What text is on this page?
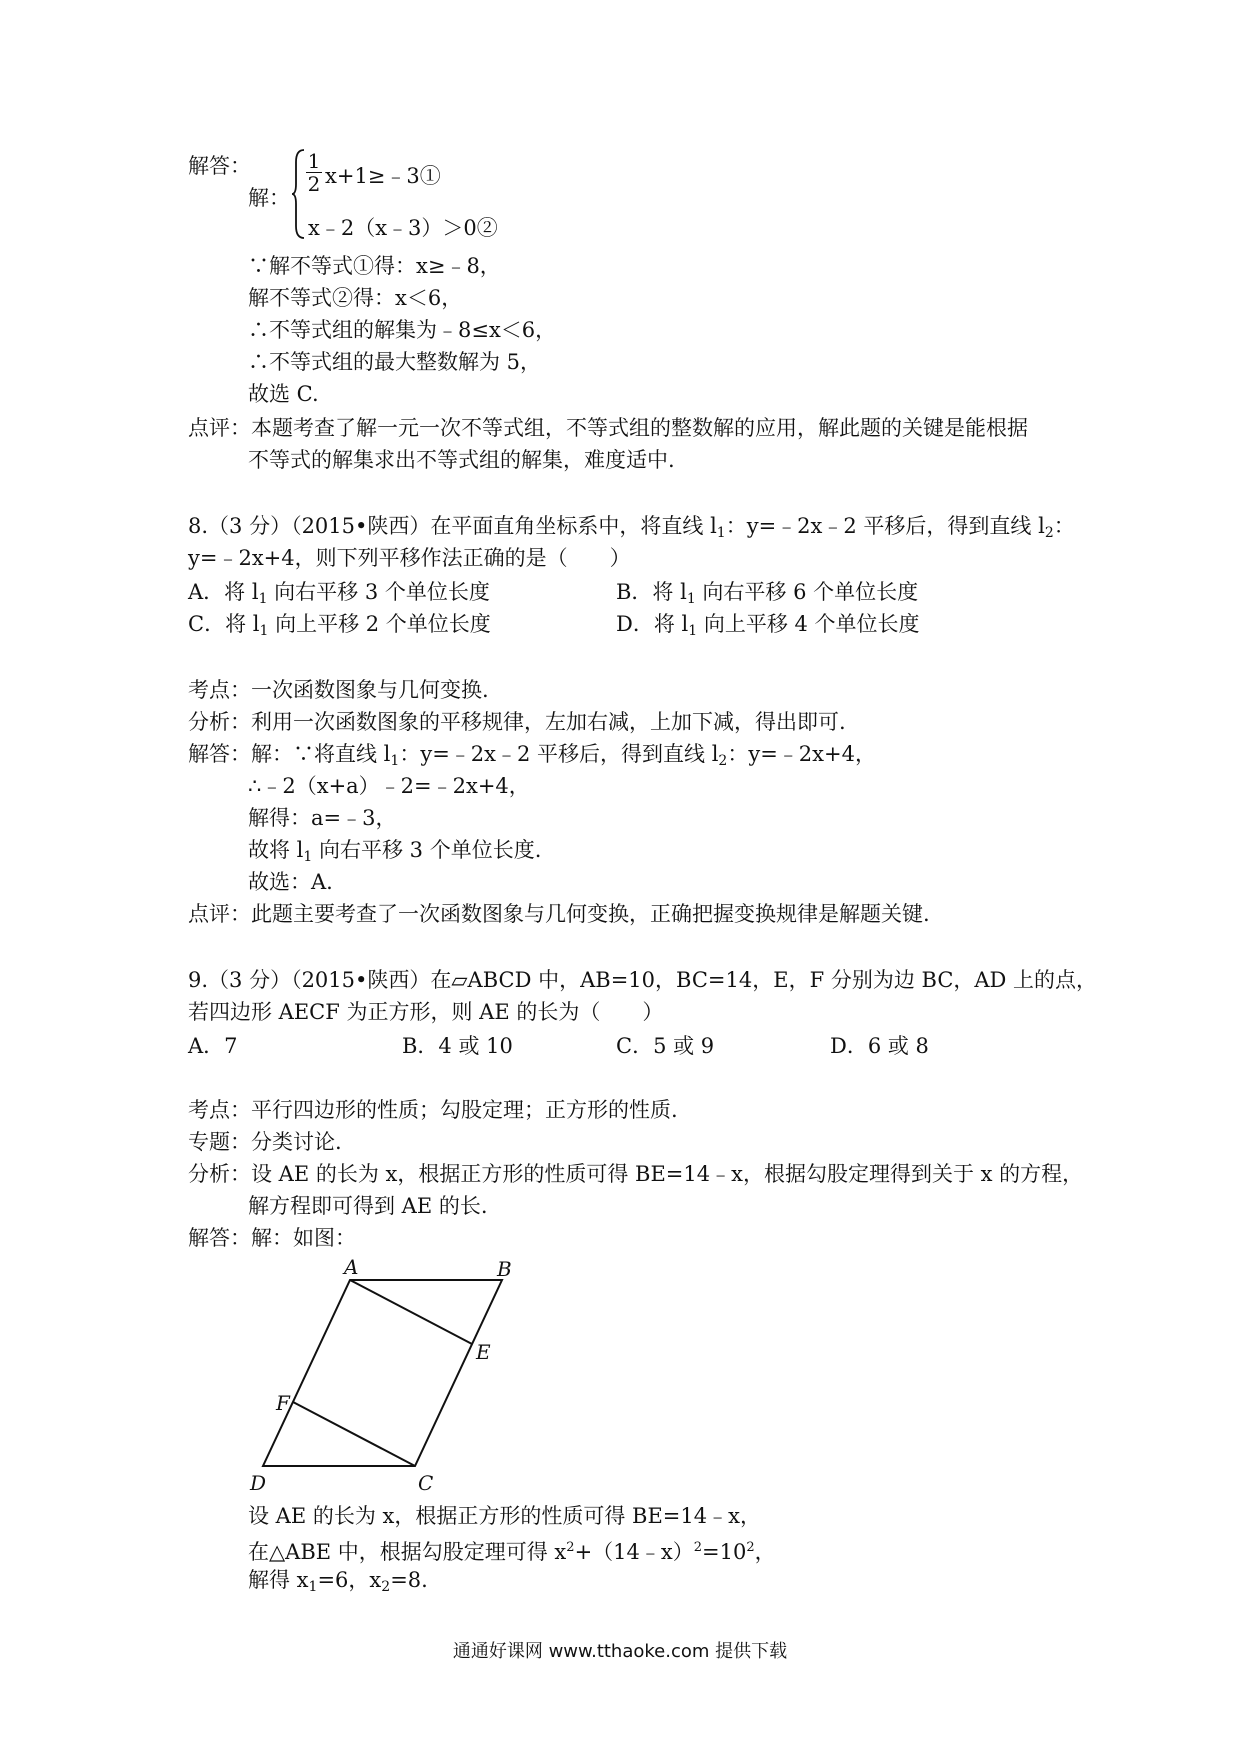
解答：
解：
1
2 x+1≥﹣3①
x﹣2（x﹣3）＞0②
∵解不等式①得：x≥﹣8，
解不等式②得：x＜6，
∴不等式组的解集为﹣8≤x＜6，
∴不等式组的最大整数解为 5，
故选 C.
点评：本题考查了解一元一次不等式组，不等式组的整数解的应用，解此题的关键是能根据
不等式的解集求出不等式组的解集，难度适中.
8.（3 分）（2015•陕西）在平面直角坐标系中，将直线 $l_1$：y=﹣2x﹣2 平移后，得到直线 $l_2$：
y=﹣2x+4，则下列平移作法正确的是（　　）
A．将 $l_1$ 向右平移 3 个单位长度	B．将 $l_1$ 向右平移 6 个单位长度
C．将 $l_1$ 向上平移 2 个单位长度	D．将 $l_1$ 向上平移 4 个单位长度
考点：一次函数图象与几何变换.
分析：利用一次函数图象的平移规律，左加右减，上加下减，得出即可.
解答：解：∵将直线 $l_1$：y=﹣2x﹣2 平移后，得到直线 $l_2$：y=﹣2x+4，
∴﹣2（x+a）﹣2=﹣2x+4，
解得：a=﹣3，
故将 $l_1$ 向右平移 3 个单位长度.
故选：A.
点评：此题主要考查了一次函数图象与几何变换，正确把握变换规律是解题关键.
9.（3 分）（2015•陕西）在▱ABCD 中，AB=10，BC=14，E，F 分别为边 BC，AD 上的点，
若四边形 AECF 为正方形，则 AE 的长为（　　）
A．7	B．4 或 10	C．5 或 9	D．6 或 8
考点：平行四边形的性质；勾股定理；正方形的性质.
专题：分类讨论.
分析：设 AE 的长为 x，根据正方形的性质可得 BE=14﹣x，根据勾股定理得到关于 x 的方程，
解方程即可得到 AE 的长.
解答：解：如图：
A	B
E
F
D	C
设 AE 的长为 x，根据正方形的性质可得 BE=14﹣x，
在△ABE 中，根据勾股定理可得 $x^2+(14﹣x)^2=10^2$，
解得 $x_1=6$，$x_2=8$.
通通好课网 www.tthaoke.com 提供下载
